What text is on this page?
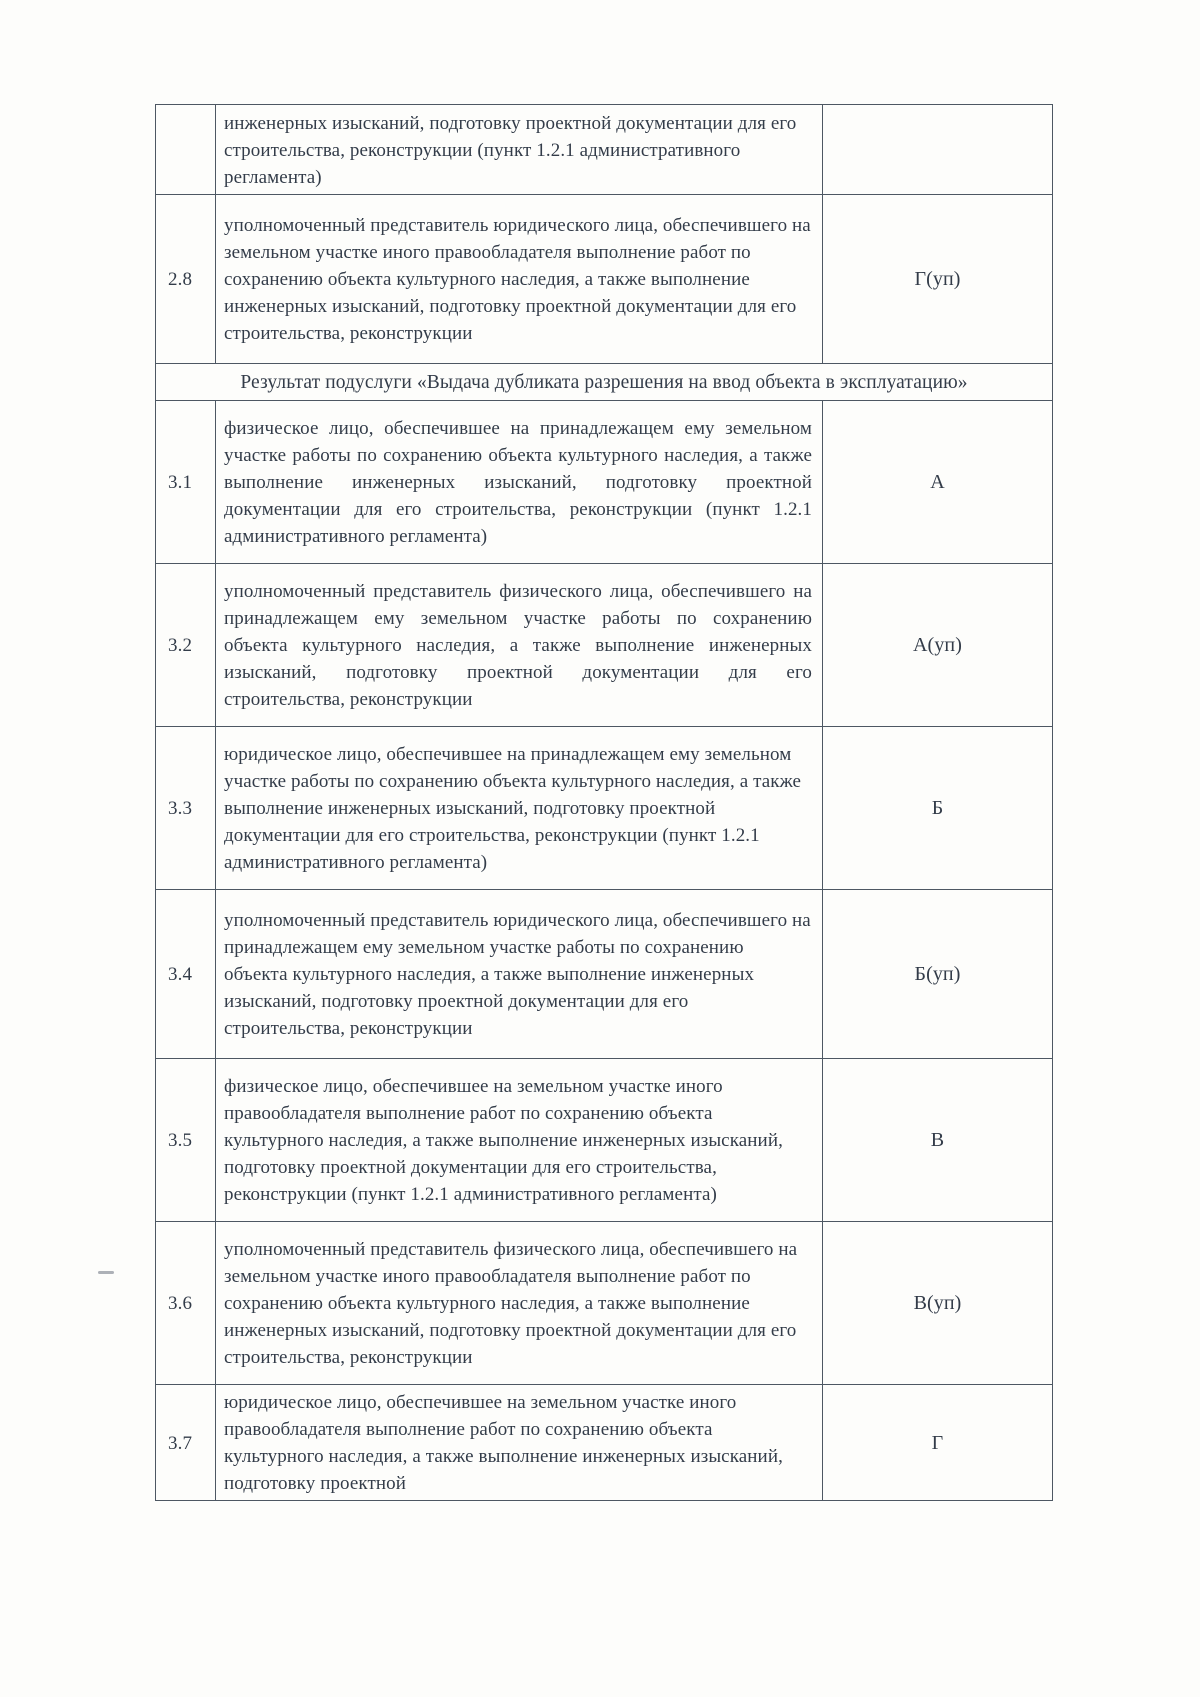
	инженерных изысканий, подготовку проектной документации для его строительства, реконструкции (пункт 1.2.1 административного регламента)	
2.8	уполномоченный представитель юридического лица, обеспечившего на земельном участке иного правообладателя выполнение работ по сохранению объекта культурного наследия, а также выполнение инженерных изысканий, подготовку проектной документации для его строительства, реконструкции	Г(уп)
Результат подуслуги «Выдача дубликата разрешения на ввод объекта в эксплуатацию»		
3.1	физическое лицо, обеспечившее на принадлежащем ему земельном участке работы по сохранению объекта культурного наследия, а также выполнение инженерных изысканий, подготовку проектной документации для его строительства, реконструкции (пункт 1.2.1 административного регламента)	А
3.2	уполномоченный представитель физического лица, обеспечившего на принадлежащем ему земельном участке работы по сохранению объекта культурного наследия, а также выполнение инженерных изысканий, подготовку проектной документации для его строительства, реконструкции	А(уп)
3.3	юридическое лицо, обеспечившее на принадлежащем ему земельном участке работы по сохранению объекта культурного наследия, а также выполнение инженерных изысканий, подготовку проектной документации для его строительства, реконструкции (пункт 1.2.1 административного регламента)	Б
3.4	уполномоченный представитель юридического лица, обеспечившего на принадлежащем ему земельном участке работы по сохранению объекта культурного наследия, а также выполнение инженерных изысканий, подготовку проектной документации для его строительства, реконструкции	Б(уп)
3.5	физическое лицо, обеспечившее на земельном участке иного правообладателя выполнение работ по сохранению объекта культурного наследия, а также выполнение инженерных изысканий, подготовку проектной документации для его строительства, реконструкции (пункт 1.2.1 административного регламента)	В
3.6	уполномоченный представитель физического лица, обеспечившего на земельном участке иного правообладателя выполнение работ по сохранению объекта культурного наследия, а также выполнение инженерных изысканий, подготовку проектной документации для его строительства, реконструкции	В(уп)
3.7	юридическое лицо, обеспечившее на земельном участке иного правообладателя выполнение работ по сохранению объекта культурного наследия, а также выполнение инженерных изысканий, подготовку проектной	Г
